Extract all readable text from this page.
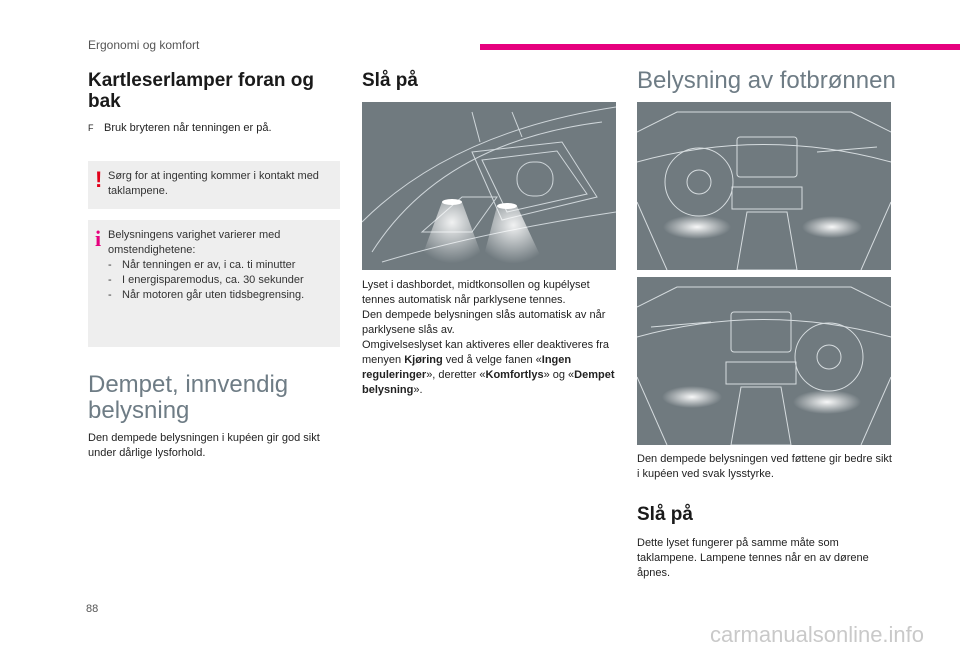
Ergonomi og komfort
Kartleserlamper foran og bak
F Bruk bryteren når tenningen er på.
! Sørg for at ingenting kommer i kontakt med taklampene.
i Belysningens varighet varierer med omstendighetene:
- Når tenningen er av, i ca. ti minutter
- I energisparemodus, ca. 30 sekunder
- Når motoren går uten tidsbegrensing.
Dempet, innvendig belysning
Den dempede belysningen i kupéen gir god sikt under dårlige lysforhold.
Slå på
Lyset i dashbordet, midtkonsollen og kupélyset tennes automatisk når parklysene tennes.
Den dempede belysningen slås automatisk av når parklysene slås av.
Omgivelseslyset kan aktiveres eller deaktiveres fra menyen Kjøring ved å velge fanen «Ingen reguleringer», deretter «Komfortlys» og «Dempet belysning».
Belysning av fotbrønnen
Den dempede belysningen ved føttene gir bedre sikt i kupéen ved svak lysstyrke.
Slå på
Dette lyset fungerer på samme måte som taklampene. Lampene tennes når en av dørene åpnes.
88
carmanualsonline.info
